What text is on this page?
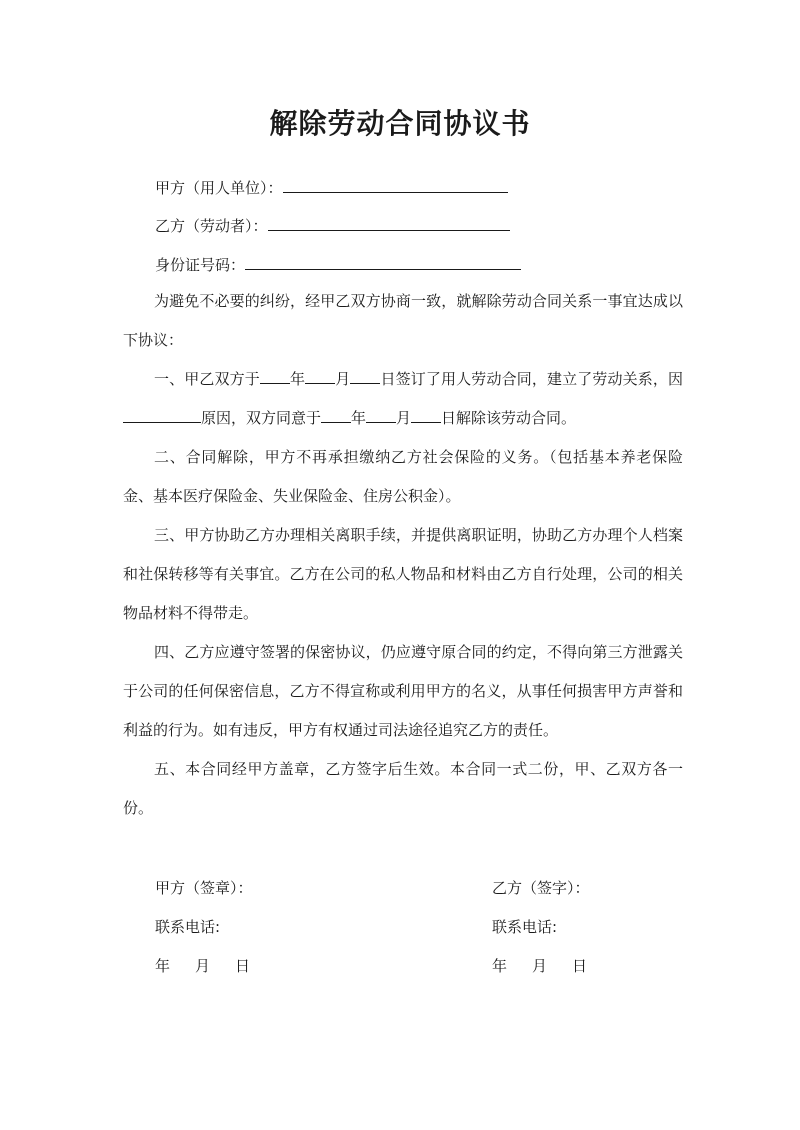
解除劳动合同协议书
甲方（用人单位）：
乙方（劳动者）：
身份证号码：

为避免不必要的纠纷，经甲乙双方协商一致，就解除劳动合同关系一事宜达成以下协议：

一、甲乙双方于 年 月 日签订了用人劳动合同，建立了劳动关系，因原因，双方同意于 年 月 日解除该劳动合同。

二、合同解除，甲方不再承担缴纳乙方社会保险的义务。（包括基本养老保险金、基本医疗保险金、失业保险金、住房公积金）。

三、甲方协助乙方办理相关离职手续，并提供离职证明，协助乙方办理个人档案和社保转移等有关事宜。乙方在公司的私人物品和材料由乙方自行处理，公司的相关物品材料不得带走。

四、乙方应遵守签署的保密协议，仍应遵守原合同的约定，不得向第三方泄露关于公司的任何保密信息，乙方不得宣称或利用甲方的名义，从事任何损害甲方声誉和利益的行为。如有违反，甲方有权通过司法途径追究乙方的责任。

五、本合同经甲方盖章，乙方签字后生效。本合同一式二份，甲、乙双方各一份。

甲方（签章）：	乙方（签字）：
联系电话:	联系电话:
年 月 日	年 月 日
